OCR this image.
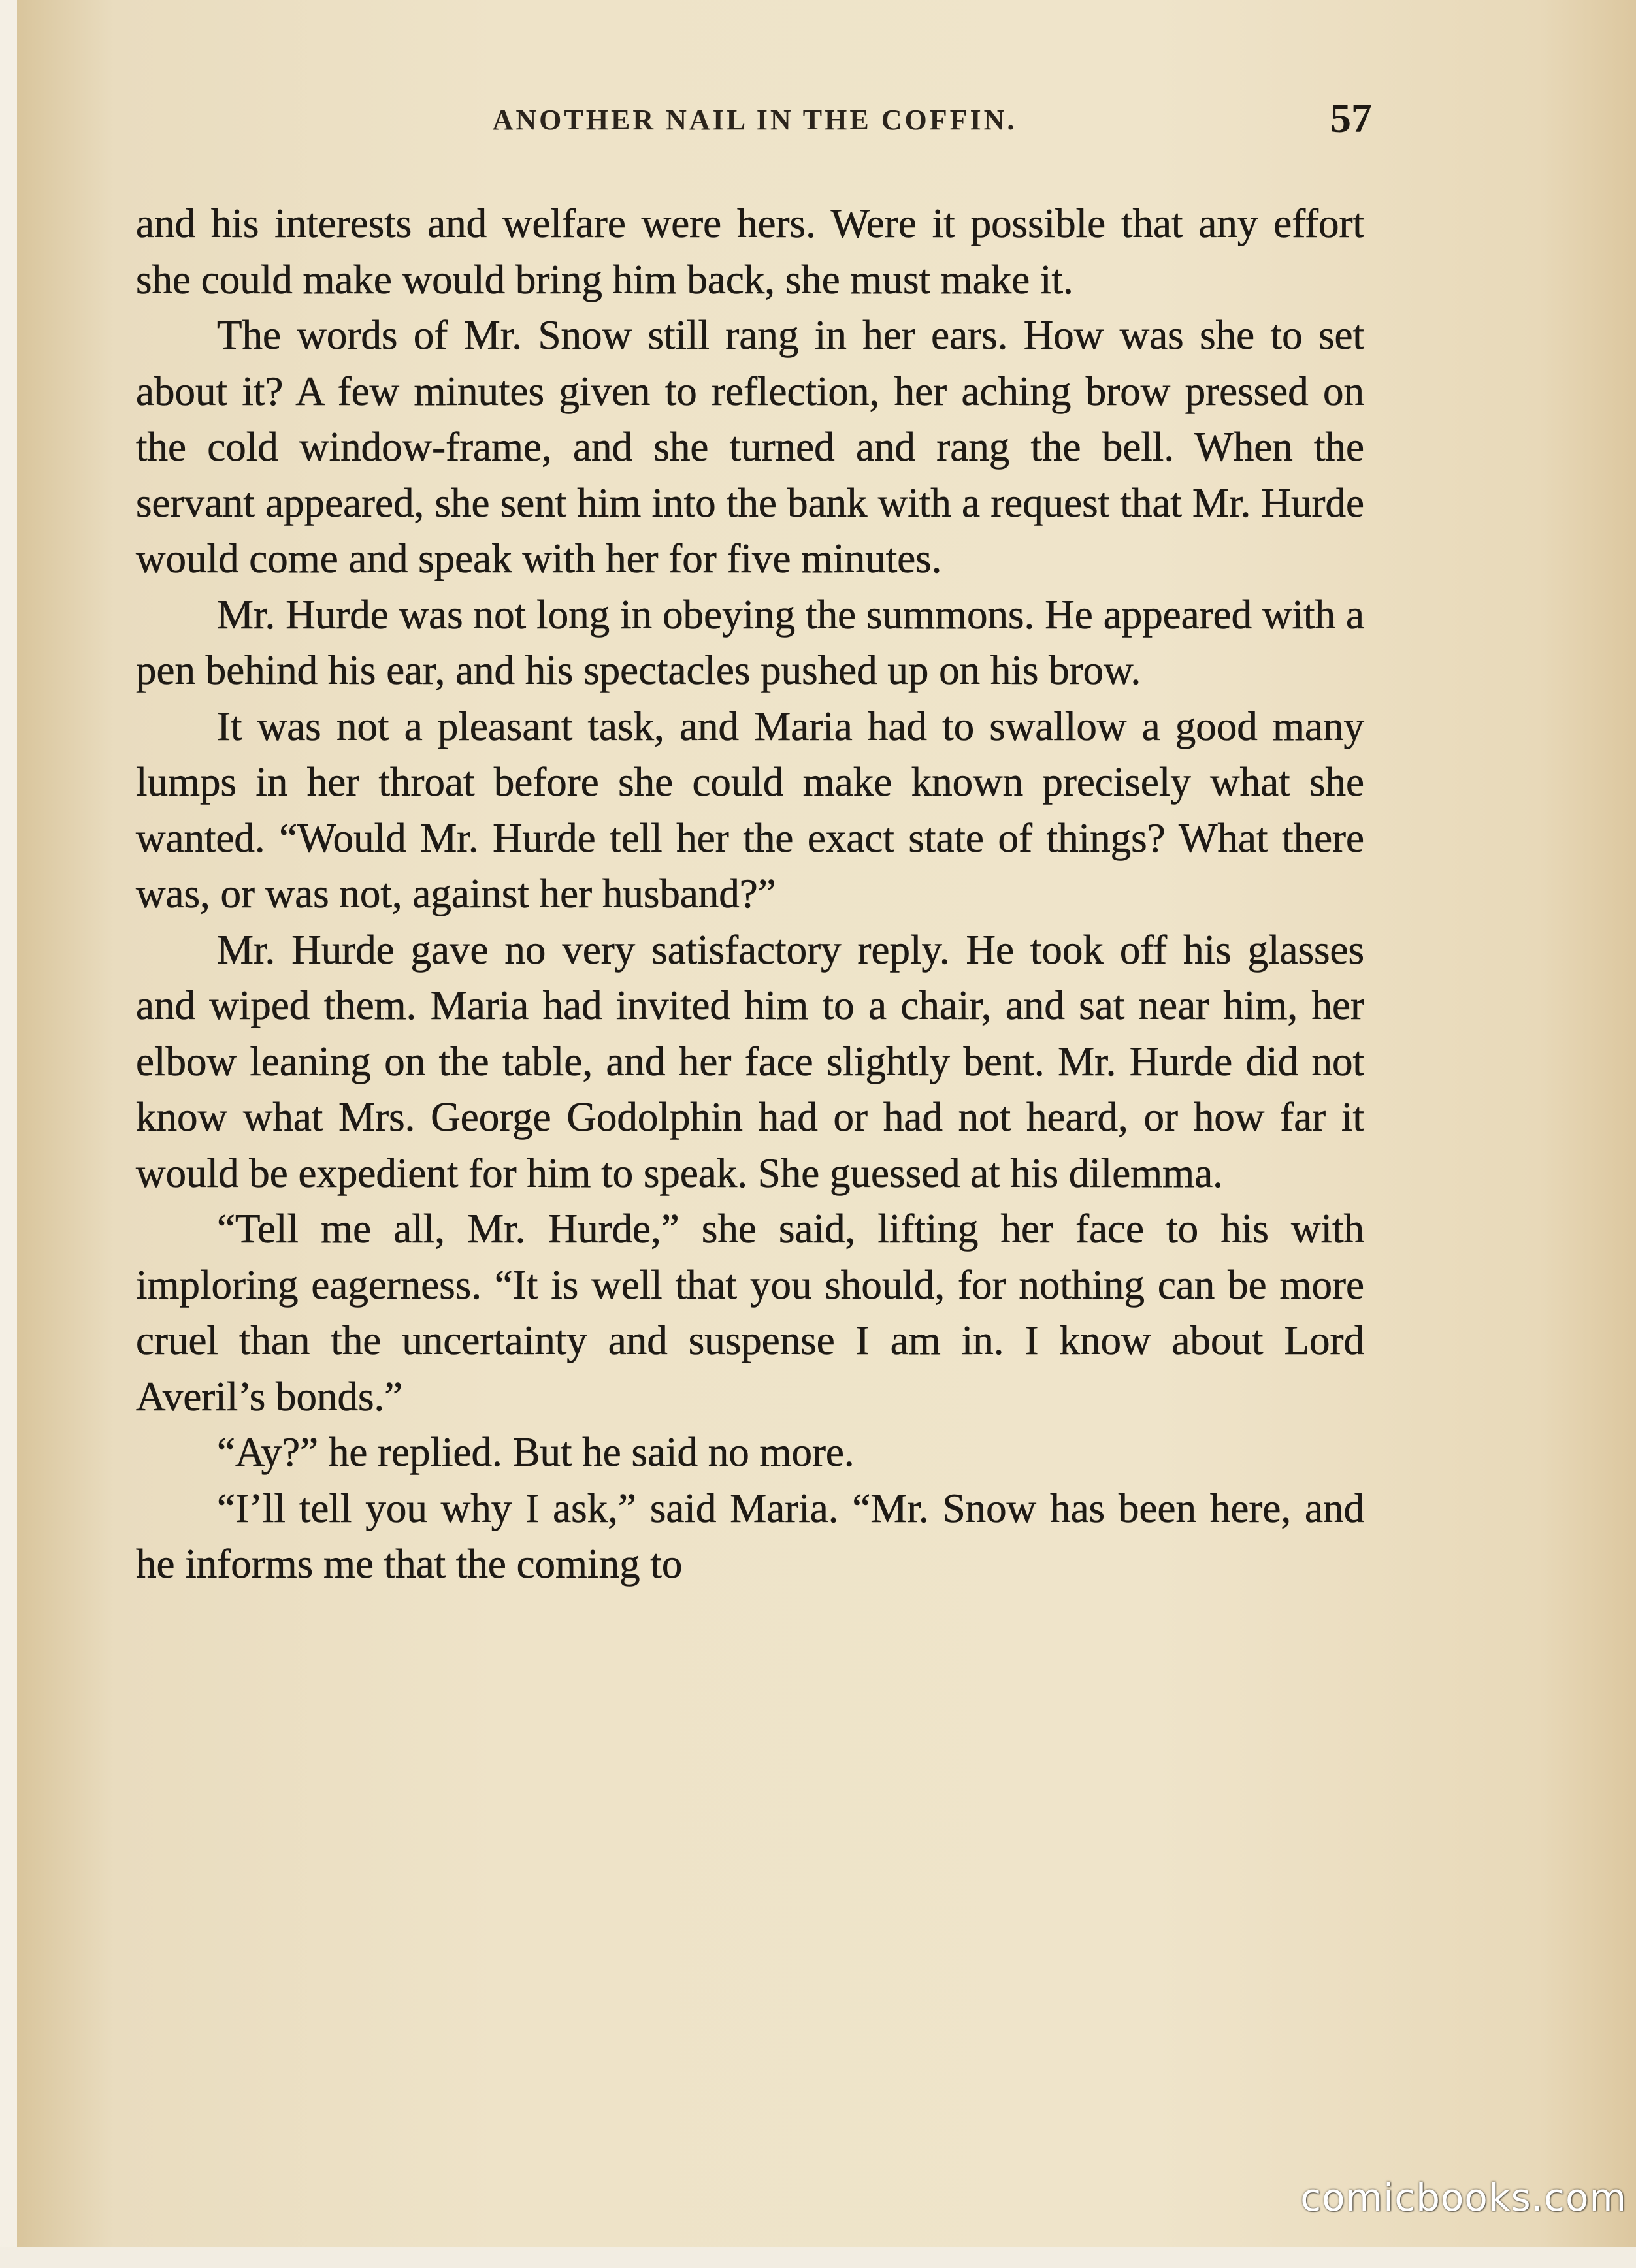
ANOTHER NAIL IN THE COFFIN.	57

and his interests and welfare were hers. Were it possible that any effort she could make would bring him back, she must make it.

The words of Mr. Snow still rang in her ears. How was she to set about it? A few minutes given to reflection, her aching brow pressed on the cold window-frame, and she turned and rang the bell. When the servant appeared, she sent him into the bank with a request that Mr. Hurde would come and speak with her for five minutes.

Mr. Hurde was not long in obeying the summons. He appeared with a pen behind his ear, and his spectacles pushed up on his brow.

It was not a pleasant task, and Maria had to swallow a good many lumps in her throat before she could make known precisely what she wanted. “Would Mr. Hurde tell her the exact state of things? What there was, or was not, against her husband?”

Mr. Hurde gave no very satisfactory reply. He took off his glasses and wiped them. Maria had invited him to a chair, and sat near him, her elbow leaning on the table, and her face slightly bent. Mr. Hurde did not know what Mrs. George Godolphin had or had not heard, or how far it would be expedient for him to speak. She guessed at his dilemma.

“Tell me all, Mr. Hurde,” she said, lifting her face to his with imploring eagerness. “It is well that you should, for nothing can be more cruel than the uncertainty and suspense I am in. I know about Lord Averil’s bonds.”

“Ay?” he replied. But he said no more.

“I’ll tell you why I ask,” said Maria. “Mr. Snow has been here, and he informs me that the coming to

comicbooks.com
